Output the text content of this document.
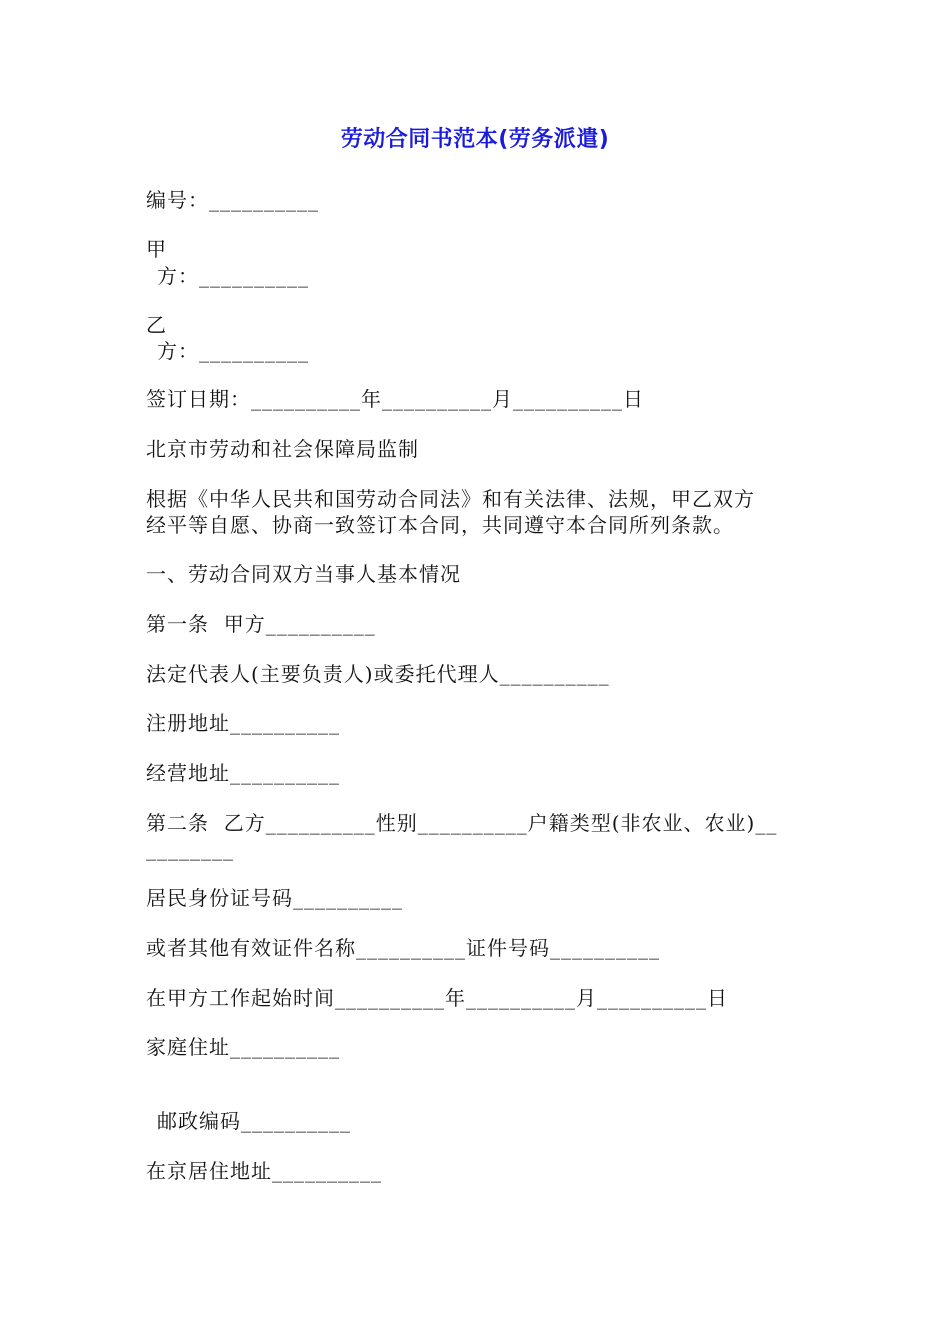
劳动合同书范本(劳务派遣)
编号：__________
甲
方：__________
乙
方：__________
签订日期：__________年__________月__________日
北京市劳动和社会保障局监制
根据《中华人民共和国劳动合同法》和有关法律、法规，甲乙双方
经平等自愿、协商一致签订本合同，共同遵守本合同所列条款。
一、劳动合同双方当事人基本情况
第一条  甲方__________
法定代表人(主要负责人)或委托代理人__________
注册地址__________
经营地址__________
第二条  乙方__________性别__________户籍类型(非农业、农业)__
________
居民身份证号码__________
或者其他有效证件名称__________证件号码__________
在甲方工作起始时间__________年__________月__________日
家庭住址__________
邮政编码__________
在京居住地址__________
